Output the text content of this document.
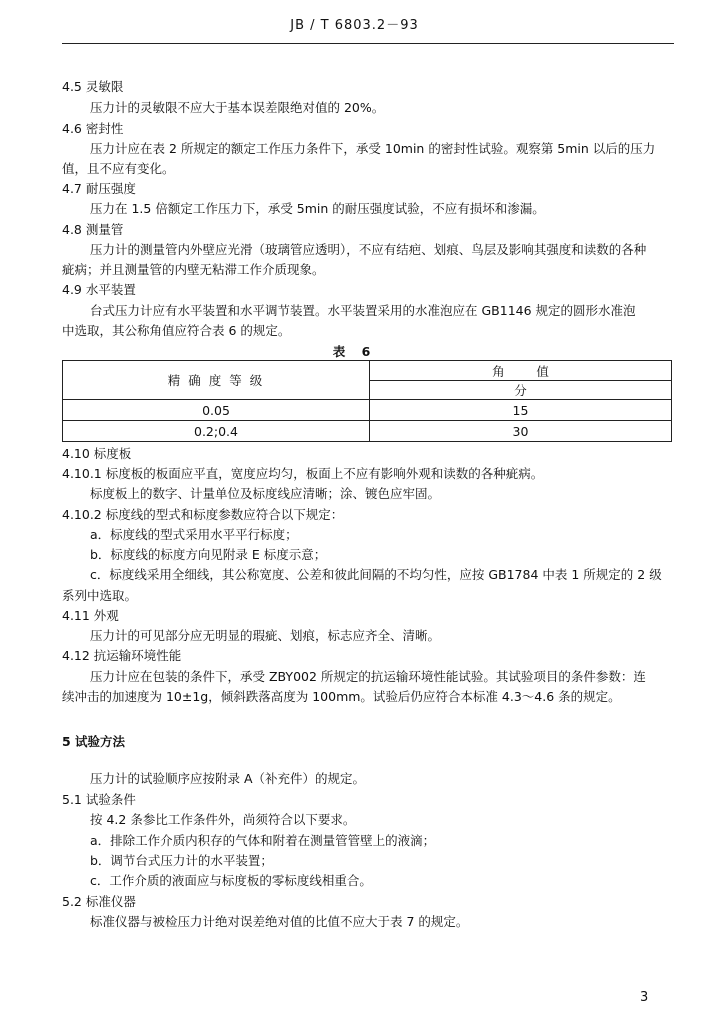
JB / T 6803.2－93
4.5 灵敏限
压力计的灵敏限不应大于基本误差限绝对值的 20%。
4.6 密封性
压力计应在表 2 所规定的额定工作压力条件下，承受 10min 的密封性试验。观察第 5min 以后的压力
值，且不应有变化。
4.7 耐压强度
压力在 1.5 倍额定工作压力下，承受 5min 的耐压强度试验，不应有损坏和渗漏。
4.8 测量管
压力计的测量管内外壁应光滑（玻璃管应透明），不应有结疤、划痕、鸟层及影响其强度和读数的各种
疵病；并且测量管的内壁无粘滞工作介质现象。
4.9 水平装置
台式压力计应有水平装置和水平调节装置。水平装置采用的水准泡应在 GB1146 规定的圆形水准泡
中选取，其公称角值应符合表 6 的规定。
表 6
精 确 度 等 级	角        值
	分
0.05	15
0.2;0.4	30
4.10 标度板
4.10.1 标度板的板面应平直，宽度应均匀，板面上不应有影响外观和读数的各种疵病。
标度板上的数字、计量单位及标度线应清晰；涂、镀色应牢固。
4.10.2 标度线的型式和标度参数应符合以下规定：
a．标度线的型式采用水平平行标度；
b．标度线的标度方向见附录 E 标度示意；
c．标度线采用全细线，其公称宽度、公差和彼此间隔的不均匀性，应按 GB1784 中表 1 所规定的 2 级
系列中选取。
4.11 外观
压力计的可见部分应无明显的瑕疵、划痕，标志应齐全、清晰。
4.12 抗运输环境性能
压力计应在包装的条件下，承受 ZBY002 所规定的抗运输环境性能试验。其试验项目的条件参数：连
续冲击的加速度为 10±1g，倾斜跌落高度为 100mm。试验后仍应符合本标准 4.3～4.6 条的规定。
5 试验方法
压力计的试验顺序应按附录 A（补充件）的规定。
5.1 试验条件
按 4.2 条参比工作条件外，尚须符合以下要求。
a．排除工作介质内积存的气体和附着在测量管管壁上的液滴；
b．调节台式压力计的水平装置；
c．工作介质的液面应与标度板的零标度线相重合。
5.2 标准仪器
标准仪器与被检压力计绝对误差绝对值的比值不应大于表 7 的规定。
3
